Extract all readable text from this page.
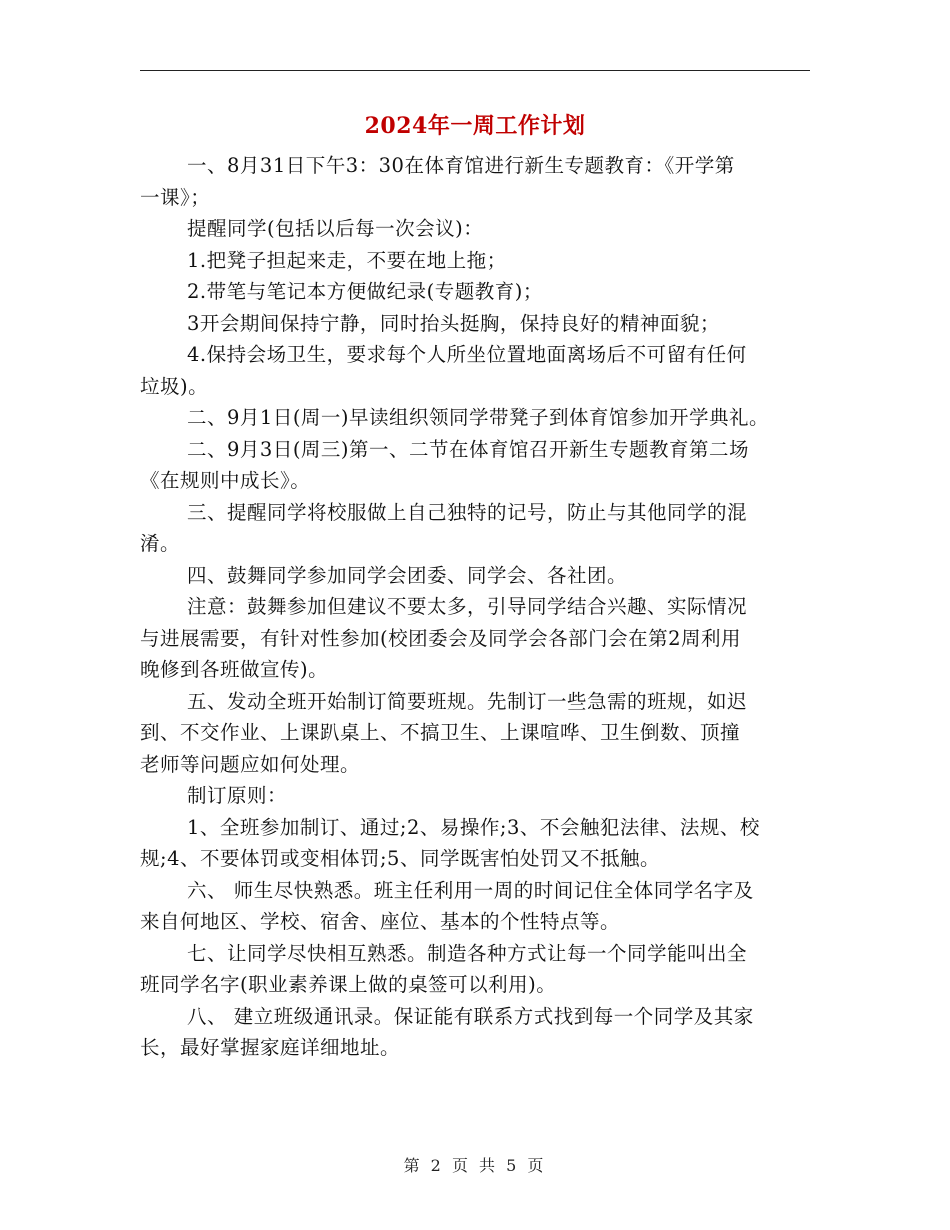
2024年一周工作计划
一、8月31日下午3：30在体育馆进行新生专题教育：《开学第
一课》；
提醒同学(包括以后每一次会议)：
1.把凳子担起来走，不要在地上拖；
2.带笔与笔记本方便做纪录(专题教育)；
3开会期间保持宁静，同时抬头挺胸，保持良好的精神面貌；
4.保持会场卫生，要求每个人所坐位置地面离场后不可留有任何
垃圾)。
二、9月1日(周一)早读组织领同学带凳子到体育馆参加开学典礼。
二、9月3日(周三)第一、二节在体育馆召开新生专题教育第二场
《在规则中成长》。
三、提醒同学将校服做上自己独特的记号，防止与其他同学的混
淆。
四、鼓舞同学参加同学会团委、同学会、各社团。
注意：鼓舞参加但建议不要太多，引导同学结合兴趣、实际情况
与进展需要，有针对性参加(校团委会及同学会各部门会在第2周利用
晚修到各班做宣传)。
五、发动全班开始制订简要班规。先制订一些急需的班规，如迟
到、不交作业、上课趴桌上、不搞卫生、上课喧哗、卫生倒数、顶撞
老师等问题应如何处理。
制订原则：
1、全班参加制订、通过;2、易操作;3、不会触犯法律、法规、校
规;4、不要体罚或变相体罚;5、同学既害怕处罚又不抵触。
六、 师生尽快熟悉。班主任利用一周的时间记住全体同学名字及
来自何地区、学校、宿舍、座位、基本的个性特点等。
七、让同学尽快相互熟悉。制造各种方式让每一个同学能叫出全
班同学名字(职业素养课上做的桌签可以利用)。
八、 建立班级通讯录。保证能有联系方式找到每一个同学及其家
长，最好掌握家庭详细地址。
第 2 页 共 5 页
